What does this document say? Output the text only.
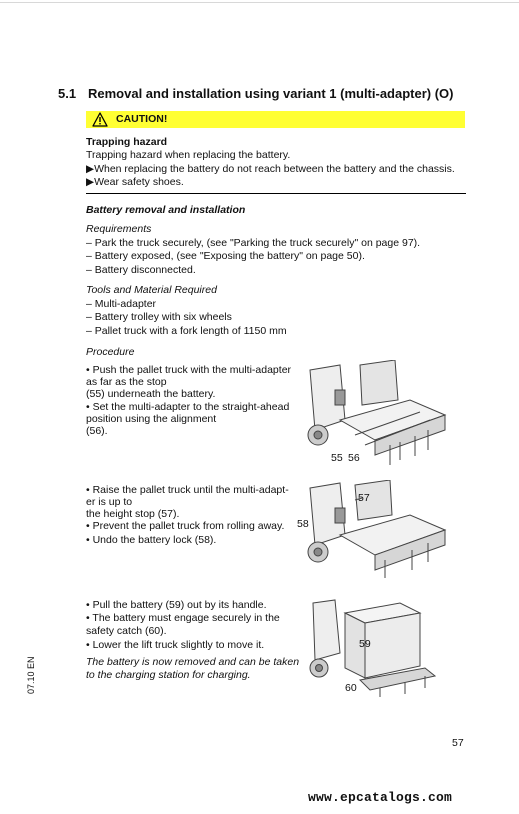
5.1 Removal and installation using variant 1 (multi-adapter) (O)
CAUTION!
Trapping hazard
Trapping hazard when replacing the battery.
▶When replacing the battery do not reach between the battery and the chassis.
▶Wear safety shoes.
Battery removal and installation
Requirements
– Park the truck securely, (see "Parking the truck securely" on page 97).
– Battery exposed, (see "Exposing the battery" on page 50).
– Battery disconnected.
Tools and Material Required
– Multi-adapter
– Battery trolley with six wheels
– Pallet truck with a fork length of 1150 mm
Procedure
• Push the pallet truck with the multi-adapter
as far as the stop
(55) underneath the battery.
• Set the multi-adapter to the straight-ahead
position using the alignment
(56).
• Raise the pallet truck until the multi-adapt-
er is up to
the height stop (57).
• Prevent the pallet truck from rolling away.
• Undo the battery lock (58).
• Pull the battery (59) out by its handle.
• The battery must engage securely in the
safety catch (60).
• Lower the lift truck slightly to move it.
The battery is now removed and can be taken
to the charging station for charging.
55 56
57
58
59
60
07.10 EN
57
www.epcatalogs.com
